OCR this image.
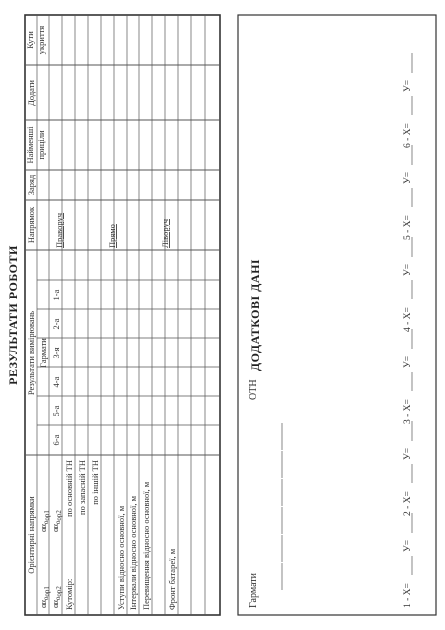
РЕЗУЛЬТАТИ РОБОТИ
Орієнтирні напрямки
Результати вимірювань Гармати
Напрямок
Заряд
Найменші приціли
Додати
Кути укриття
$\alpha\alpha_оор1$
$\alpha\alpha_оор1$
$\alpha\alpha_оор2$
$\alpha\alpha_оор2$
6-а
5-а
4-а
3-я
2-а
1-а
Кутомір:
по основній ТН по запасній ТН по іншій ТН
Уступи відносно основної, м Інтервали відносно основної, м Перевищення відносно основної, м Фронт батареї, м
Праворуч	Прямо	Ліворуч
Гармати
ОТН
1 - Х=
У=
2 - Х=
У=
3 - Х=
У=
4 - Х=
У=
5 - Х=
У=
6 - Х=
У=
ДОДАТКОВІ ДАНІ
